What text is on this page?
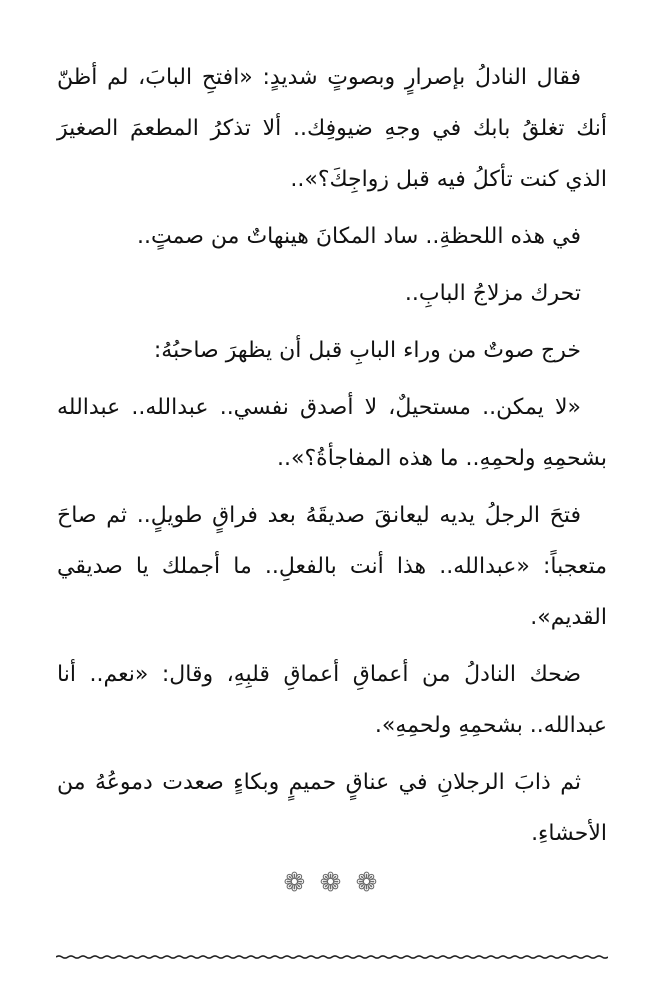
فقال النادلُ بإصرارٍ وبصوتٍ شديدٍ: «افتحِ البابَ، لم أظنّ أنك تغلقُ بابك في وجهِ ضيوفِك.. ألا تذكرُ المطعمَ الصغيرَ الذي كنت تأكلُ فيه قبل زواجِكَ؟»..

في هذه اللحظةِ.. ساد المكانَ هينهاتٌ من صمتٍ..

تحرك مزلاجُ البابِ..

خرج صوتٌ من وراء البابِ قبل أن يظهرَ صاحبُهُ:

«لا يمكن.. مستحيلٌ، لا أصدق نفسي.. عبدالله.. عبدالله بشحمِهِ ولحمِهِ.. ما هذه المفاجأةُ؟»..

فتحَ الرجلُ يديه ليعانقَ صديقَهُ بعد فراقٍ طويلٍ.. ثم صاحَ متعجباً: «عبدالله.. هذا أنت بالفعلِ.. ما أجملك يا صديقي القديم».

ضحك النادلُ من أعماقِ أعماقِ قلبِهِ، وقال: «نعم.. أنا عبدالله.. بشحمِهِ ولحمِهِ».

ثم ذابَ الرجلانِ في عناقٍ حميمٍ وبكاءٍ صعدت دموعُهُ من الأحشاءِ.

❁ ❁ ❁
